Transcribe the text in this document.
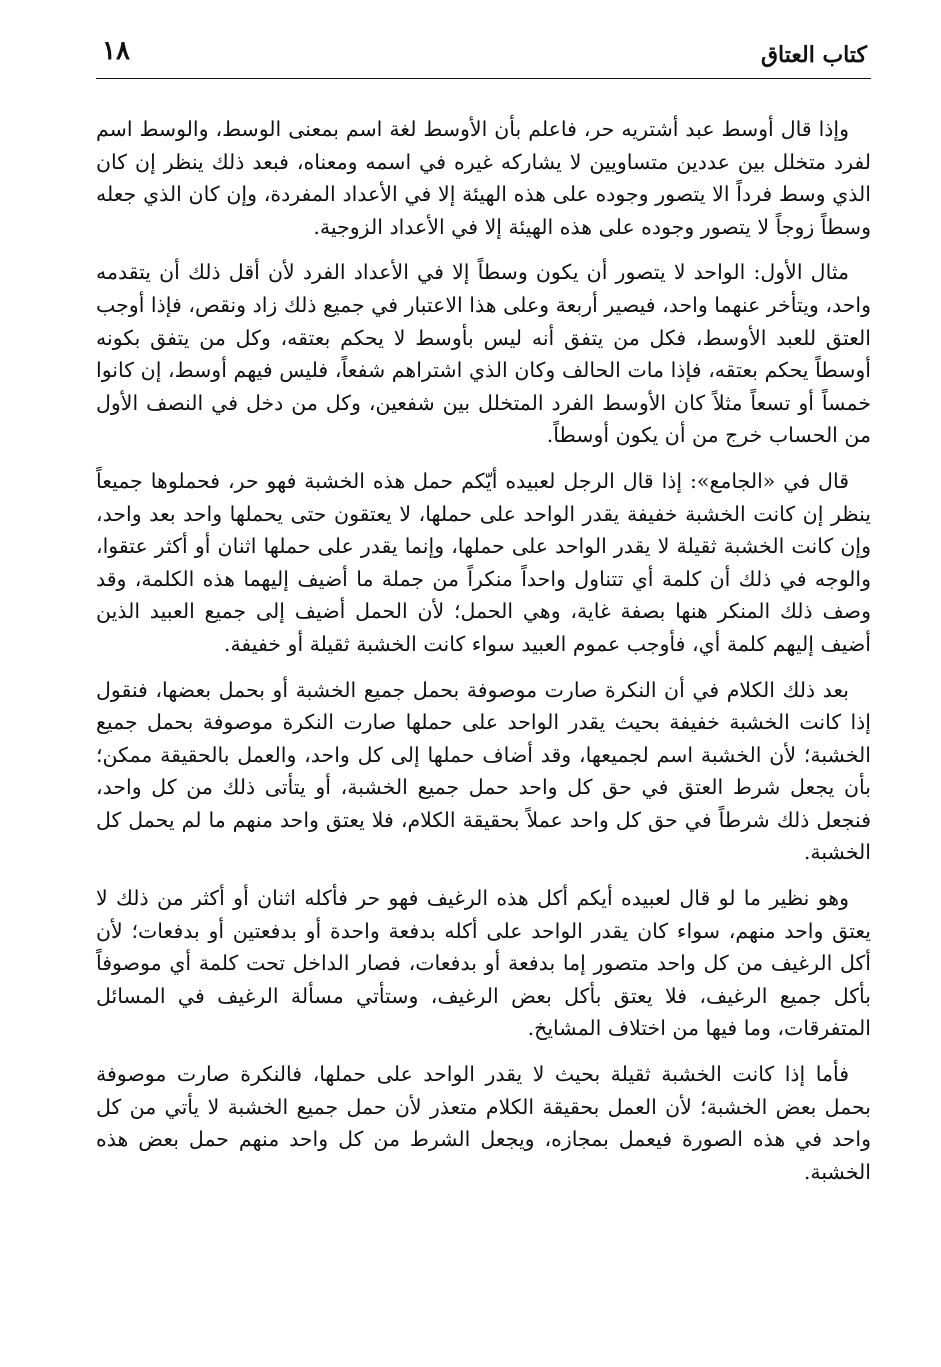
كتاب العتاق
١٨

وإذا قال أوسط عبد أشتريه حر، فاعلم بأن الأوسط لغة اسم بمعنى الوسط، والوسط اسم لفرد متخلل بين عددين متساويين لا يشاركه غيره في اسمه ومعناه، فبعد ذلك ينظر إن كان الذي وسط فرداً الا يتصور وجوده على هذه الهيئة إلا في الأعداد المفردة، وإن كان الذي جعله وسطاً زوجاً لا يتصور وجوده على هذه الهيئة إلا في الأعداد الزوجية.

مثال الأول: الواحد لا يتصور أن يكون وسطاً إلا في الأعداد الفرد لأن أقل ذلك أن يتقدمه واحد، ويتأخر عنهما واحد، فيصير أربعة وعلى هذا الاعتبار في جميع ذلك زاد ونقص، فإذا أوجب العتق للعبد الأوسط، فكل من يتفق أنه ليس بأوسط لا يحكم بعتقه، وكل من يتفق بكونه أوسطاً يحكم بعتقه، فإذا مات الحالف وكان الذي اشتراهم شفعاً، فليس فيهم أوسط، إن كانوا خمساً أو تسعاً مثلاً كان الأوسط الفرد المتخلل بين شفعين، وكل من دخل في النصف الأول من الحساب خرج من أن يكون أوسطاً.

قال في «الجامع»: إذا قال الرجل لعبيده أيّكم حمل هذه الخشبة فهو حر، فحملوها جميعاً ينظر إن كانت الخشبة خفيفة يقدر الواحد على حملها، لا يعتقون حتى يحملها واحد بعد واحد، وإن كانت الخشبة ثقيلة لا يقدر الواحد على حملها، وإنما يقدر على حملها اثنان أو أكثر عتقوا، والوجه في ذلك أن كلمة أي تتناول واحداً منكراً من جملة ما أضيف إليهما هذه الكلمة، وقد وصف ذلك المنكر هنها بصفة غاية، وهي الحمل؛ لأن الحمل أضيف إلى جميع العبيد الذين أضيف إليهم كلمة أي، فأوجب عموم العبيد سواء كانت الخشبة ثقيلة أو خفيفة.

بعد ذلك الكلام في أن النكرة صارت موصوفة بحمل جميع الخشبة أو بحمل بعضها، فنقول إذا كانت الخشبة خفيفة بحيث يقدر الواحد على حملها صارت النكرة موصوفة بحمل جميع الخشبة؛ لأن الخشبة اسم لجميعها، وقد أضاف حملها إلى كل واحد، والعمل بالحقيقة ممكن؛ بأن يجعل شرط العتق في حق كل واحد حمل جميع الخشبة، أو يتأتى ذلك من كل واحد، فنجعل ذلك شرطاً في حق كل واحد عملاً بحقيقة الكلام، فلا يعتق واحد منهم ما لم يحمل كل الخشبة.

وهو نظير ما لو قال لعبيده أيكم أكل هذه الرغيف فهو حر فأكله اثنان أو أكثر من ذلك لا يعتق واحد منهم، سواء كان يقدر الواحد على أكله بدفعة واحدة أو بدفعتين أو بدفعات؛ لأن أكل الرغيف من كل واحد متصور إما بدفعة أو بدفعات، فصار الداخل تحت كلمة أي موصوفاً بأكل جميع الرغيف، فلا يعتق بأكل بعض الرغيف، وستأتي مسألة الرغيف في المسائل المتفرقات، وما فيها من اختلاف المشايخ.

فأما إذا كانت الخشبة ثقيلة بحيث لا يقدر الواحد على حملها، فالنكرة صارت موصوفة بحمل بعض الخشبة؛ لأن العمل بحقيقة الكلام متعذر لأن حمل جميع الخشبة لا يأتي من كل واحد في هذه الصورة فيعمل بمجازه، ويجعل الشرط من كل واحد منهم حمل بعض هذه الخشبة.
